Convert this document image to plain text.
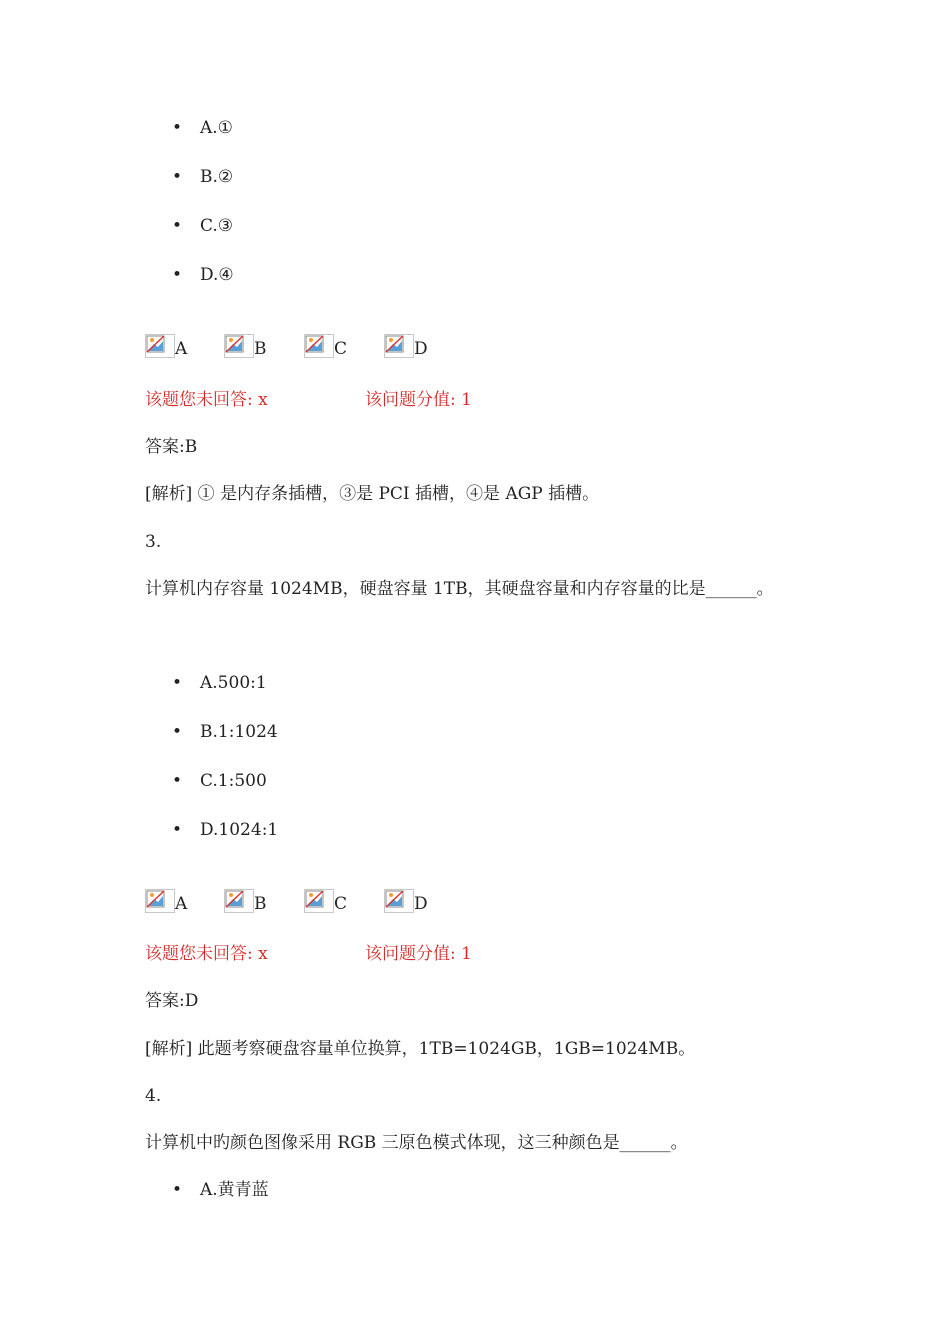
• A.①
• B.②
• C.③
• D.④
A	B	C	D
该题您未回答: x	该问题分值: 1
答案:B
[解析] ① 是内存条插槽，③是 PCI 插槽，④是 AGP 插槽。
3.
计算机内存容量 1024MB，硬盘容量 1TB，其硬盘容量和内存容量的比是______。
• A.500:1
• B.1:1024
• C.1:500
• D.1024:1
A	B	C	D
该题您未回答: x	该问题分值: 1
答案:D
[解析] 此题考察硬盘容量单位换算，1TB=1024GB，1GB=1024MB。
4.
计算机中旳颜色图像采用 RGB 三原色模式体现，这三种颜色是______。
• A.黄青蓝
